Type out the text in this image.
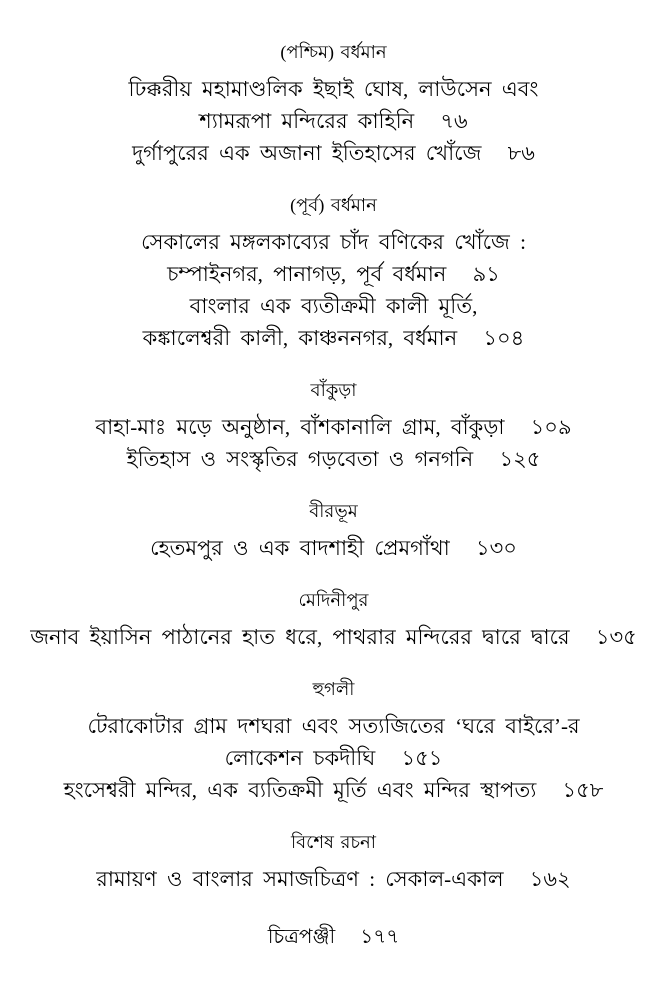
(পশ্চিম) বর্ধমান
ঢিক্করীয় মহামাণ্ডলিক ইছাই ঘোষ, লাউসেন এবং
শ্যামরূপা মন্দিরের কাহিনি ৭৬
দুর্গাপুরের এক অজানা ইতিহাসের খোঁজে ৮৬
(পূর্ব) বর্ধমান
সেকালের মঙ্গলকাব্যের চাঁদ বণিকের খোঁজে :
চম্পাইনগর, পানাগড়, পূর্ব বর্ধমান ৯১
বাংলার এক ব্যতীক্রমী কালী মূর্তি,
কঙ্কালেশ্বরী কালী, কাঞ্চননগর, বর্ধমান ১০৪
বাঁকুড়া
বাহা-মাঃ মড়ে অনুষ্ঠান, বাঁশকানালি গ্রাম, বাঁকুড়া ১০৯
ইতিহাস ও সংস্কৃতির গড়বেতা ও গনগনি ১২৫
বীরভূম
হেতমপুর ও এক বাদশাহী প্রেমগাঁথা ১৩০
মেদিনীপুর
জনাব ইয়াসিন পাঠানের হাত ধরে, পাথরার মন্দিরের দ্বারে দ্বারে ১৩৫
হুগলী
টেরাকোটার গ্রাম দশঘরা এবং সত্যজিতের ‘ঘরে বাইরে’-র
লোকেশন চকদীঘি ১৫১
হংসেশ্বরী মন্দির, এক ব্যতিক্রমী মূর্তি এবং মন্দির স্থাপত্য ১৫৮
বিশেষ রচনা
রামায়ণ ও বাংলার সমাজচিত্রণ : সেকাল-একাল ১৬২
চিত্রপঞ্জী ১৭৭
